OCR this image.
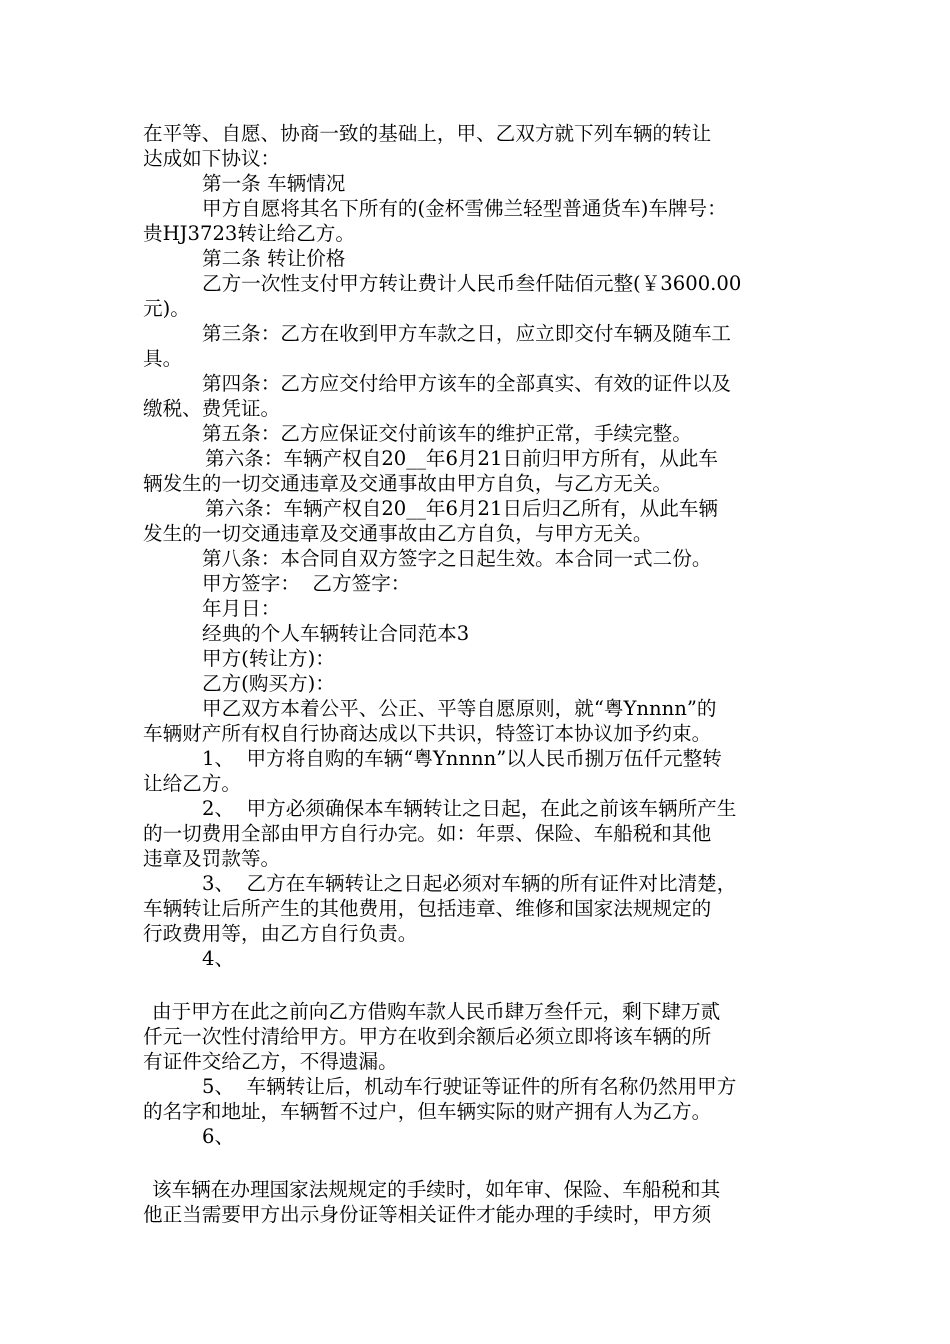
在平等、自愿、协商一致的基础上，甲、乙双方就下列车辆的转让
达成如下协议：
第一条 车辆情况
甲方自愿将其名下所有的(金杯雪佛兰轻型普通货车)车牌号：
贵HJ3723转让给乙方。
第二条 转让价格
乙方一次性支付甲方转让费计人民币叁仟陆佰元整(￥3600.00
元)。
第三条：乙方在收到甲方车款之日，应立即交付车辆及随车工
具。
第四条：乙方应交付给甲方该车的全部真实、有效的证件以及
缴税、费凭证。
第五条：乙方应保证交付前该车的维护正常，手续完整。
第六条：车辆产权自20__年6月21日前归甲方所有，从此车
辆发生的一切交通违章及交通事故由甲方自负，与乙方无关。
第六条：车辆产权自20__年6月21日后归乙所有，从此车辆
发生的一切交通违章及交通事故由乙方自负，与甲方无关。
第八条：本合同自双方签字之日起生效。本合同一式二份。
甲方签字：  乙方签字：
年月日：
经典的个人车辆转让合同范本3
甲方(转让方)：
乙方(购买方)：
甲乙双方本着公平、公正、平等自愿原则，就“粤Ynnnn”的
车辆财产所有权自行协商达成以下共识，特签订本协议加予约束。
1、  甲方将自购的车辆“粤Ynnnn”以人民币捌万伍仟元整转
让给乙方。
2、  甲方必须确保本车辆转让之日起，在此之前该车辆所产生
的一切费用全部由甲方自行办完。如：年票、保险、车船税和其他
违章及罚款等。
3、  乙方在车辆转让之日起必须对车辆的所有证件对比清楚，
车辆转让后所产生的其他费用，包括违章、维修和国家法规规定的
行政费用等，由乙方自行负责。
4、
由于甲方在此之前向乙方借购车款人民币肆万叁仟元，剩下肆万贰
仟元一次性付清给甲方。甲方在收到余额后必须立即将该车辆的所
有证件交给乙方，不得遗漏。
5、  车辆转让后，机动车行驶证等证件的所有名称仍然用甲方
的名字和地址，车辆暂不过户，但车辆实际的财产拥有人为乙方。
6、
该车辆在办理国家法规规定的手续时，如年审、保险、车船税和其
他正当需要甲方出示身份证等相关证件才能办理的手续时，甲方须
